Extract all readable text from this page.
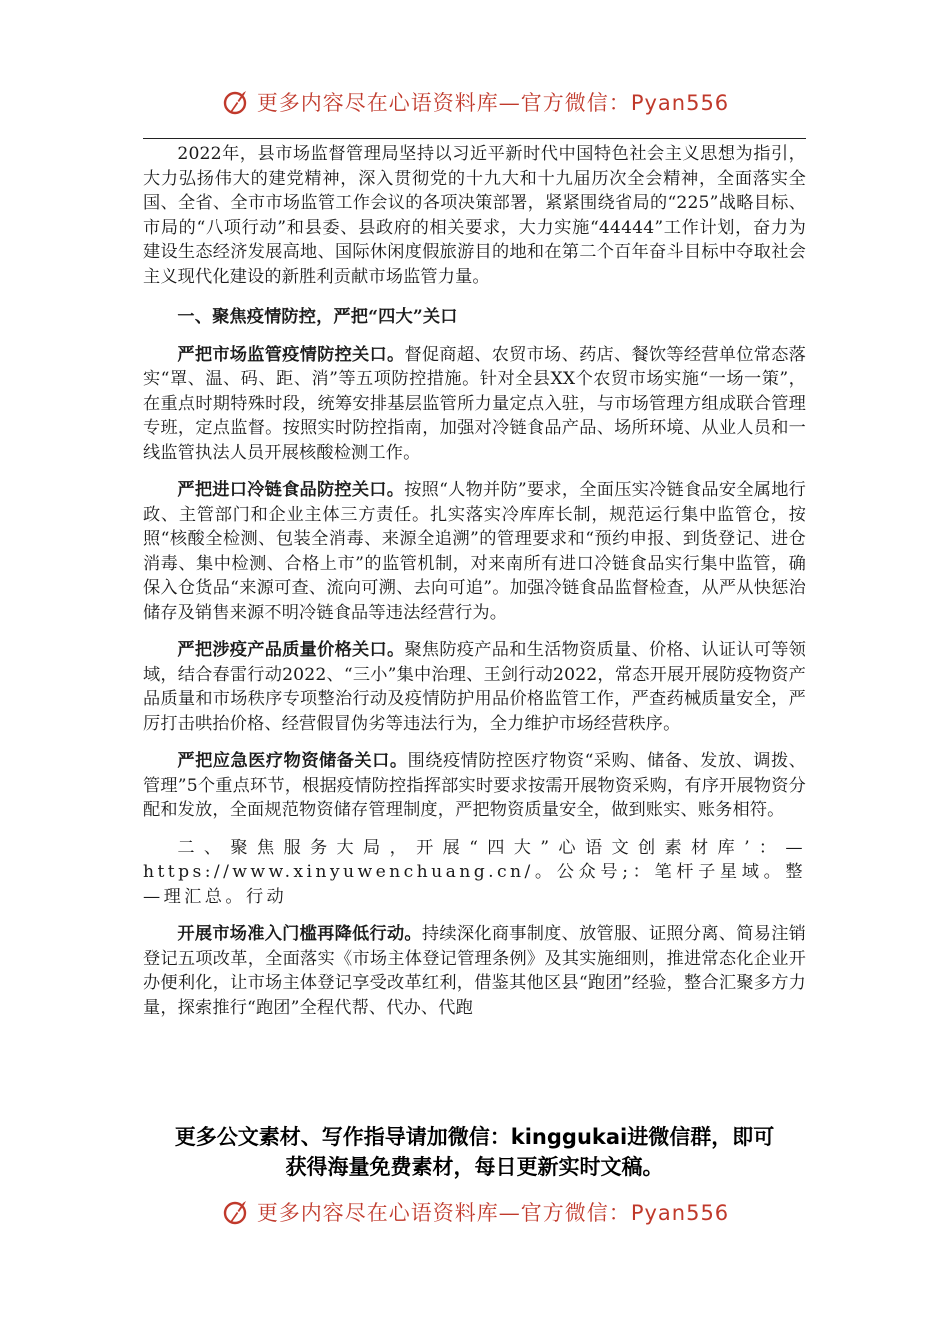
更多内容尽在心语资料库—官方微信：Pyan556

2022年，县市场监督管理局坚持以习近平新时代中国特色社会主义思想为指引，大力弘扬伟大的建党精神，深入贯彻党的十九大和十九届历次全会精神，全面落实全国、全省、全市市场监管工作会议的各项决策部署，紧紧围绕省局的“225”战略目标、市局的“八项行动”和县委、县政府的相关要求，大力实施“44444”工作计划，奋力为建设生态经济发展高地、国际休闲度假旅游目的地和在第二个百年奋斗目标中夺取社会主义现代化建设的新胜利贡献市场监管力量。

一、聚焦疫情防控，严把“四大”关口

严把市场监管疫情防控关口。督促商超、农贸市场、药店、餐饮等经营单位常态落实“罩、温、码、距、消”等五项防控措施。针对全县XX个农贸市场实施“一场一策”，在重点时期特殊时段，统筹安排基层监管所力量定点入驻，与市场管理方组成联合管理专班，定点监督。按照实时防控指南，加强对冷链食品产品、场所环境、从业人员和一线监管执法人员开展核酸检测工作。

严把进口冷链食品防控关口。按照“人物并防”要求，全面压实冷链食品安全属地行政、主管部门和企业主体三方责任。扎实落实冷库库长制，规范运行集中监管仓，按照“核酸全检测、包装全消毒、来源全追溯”的管理要求和“预约申报、到货登记、进仓消毒、集中检测、合格上市”的监管机制，对来南所有进口冷链食品实行集中监管，确保入仓货品“来源可查、流向可溯、去向可追”。加强冷链食品监督检查，从严从快惩治储存及销售来源不明冷链食品等违法经营行为。

严把涉疫产品质量价格关口。聚焦防疫产品和生活物资质量、价格、认证认可等领域，结合春雷行动2022、“三小”集中治理、王剑行动2022，常态开展开展防疫物资产品质量和市场秩序专项整治行动及疫情防护用品价格监管工作，严查药械质量安全，严厉打击哄抬价格、经营假冒伪劣等违法行为，全力维护市场经营秩序。

严把应急医疗物资储备关口。围绕疫情防控医疗物资“采购、储备、发放、调拨、管理”5个重点环节，根据疫情防控指挥部实时要求按需开展物资采购，有序开展物资分配和发放，全面规范物资储存管理制度，严把物资质量安全，做到账实、账务相符。

二、聚焦服务大局，开展“四大”心语文创素材库’：—https://www.xinyuwenchuang.cn/。公众号;：笔杆子星域。整—理汇总。行动

开展市场准入门槛再降低行动。持续深化商事制度、放管服、证照分离、简易注销登记五项改革，全面落实《市场主体登记管理条例》及其实施细则，推进常态化企业开办便利化，让市场主体登记享受改革红利，借鉴其他区县“跑团”经验，整合汇聚多方力量，探索推行“跑团”全程代帮、代办、代跑

更多公文素材、写作指导请加微信：kinggukai进微信群，即可
获得海量免费素材，每日更新实时文稿。
更多内容尽在心语资料库—官方微信：Pyan556
